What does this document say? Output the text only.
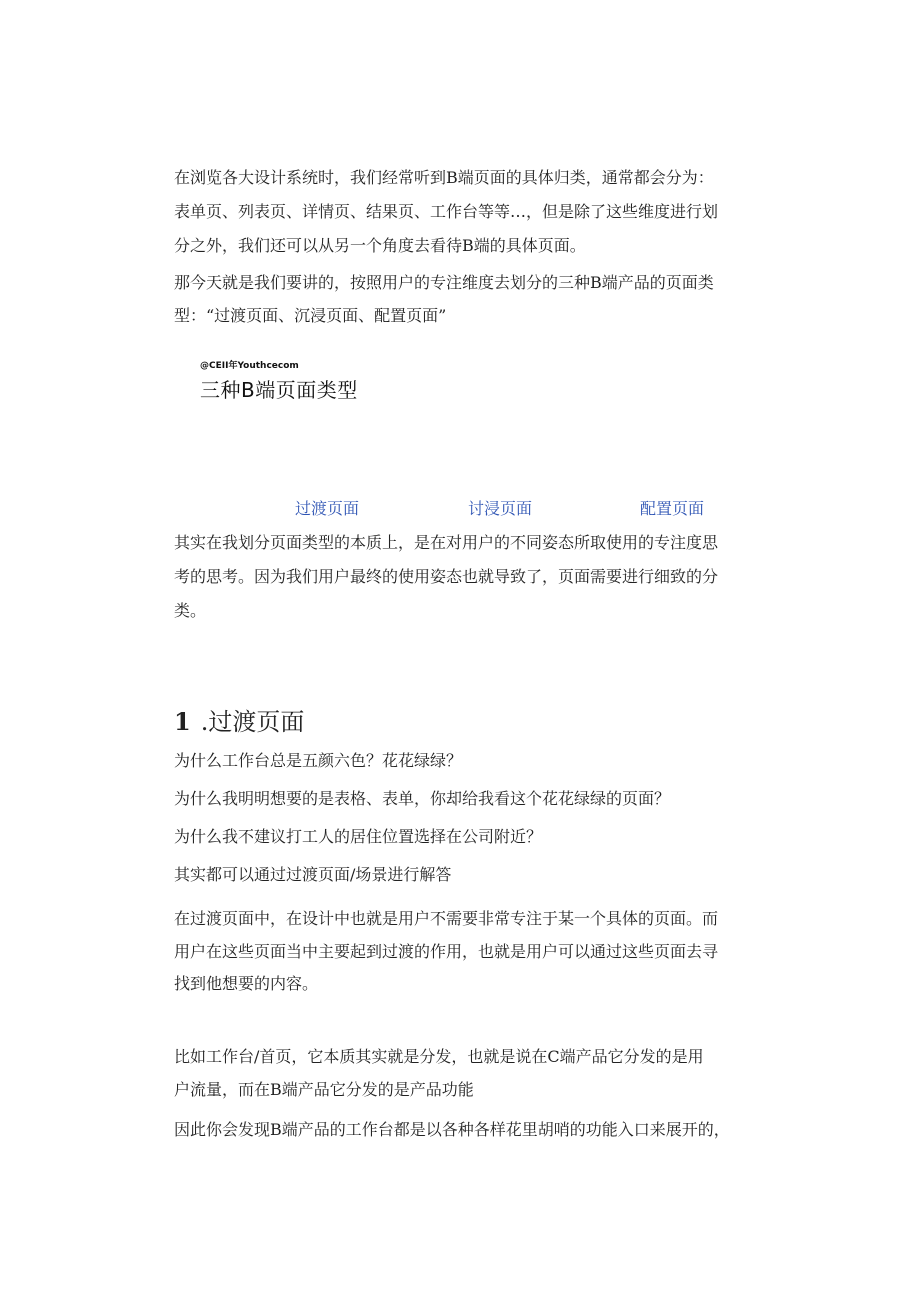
在浏览各大设计系统时，我们经常听到B端页面的具体归类，通常都会分为：

表单页、列表页、详情页、结果页、工作台等等…，但是除了这些维度进行划

分之外，我们还可以从另一个角度去看待B端的具体页面。

那今天就是我们要讲的，按照用户的专注维度去划分的三种B端产品的页面类

型：“过渡页面、沉浸页面、配置页面”

@CEII年Youthcecom

三种B端页面类型

过渡页面	讨浸页面	配置页面

其实在我划分页面类型的本质上，是在对用户的不同姿态所取使用的专注度思

考的思考。因为我们用户最终的使用姿态也就导致了，页面需要进行细致的分

类。

1 .过渡页面

为什么工作台总是五颜六色？花花绿绿？

为什么我明明想要的是表格、表单，你却给我看这个花花绿绿的页面？

为什么我不建议打工人的居住位置选择在公司附近？

其实都可以通过过渡页面/场景进行解答

在过渡页面中，在设计中也就是用户不需要非常专注于某一个具体的页面。而

用户在这些页面当中主要起到过渡的作用，也就是用户可以通过这些页面去寻

找到他想要的内容。

比如工作台/首页，它本质其实就是分发，也就是说在C端产品它分发的是用

户流量，而在B端产品它分发的是产品功能

因此你会发现B端产品的工作台都是以各种各样花里胡哨的功能入口来展开的，
